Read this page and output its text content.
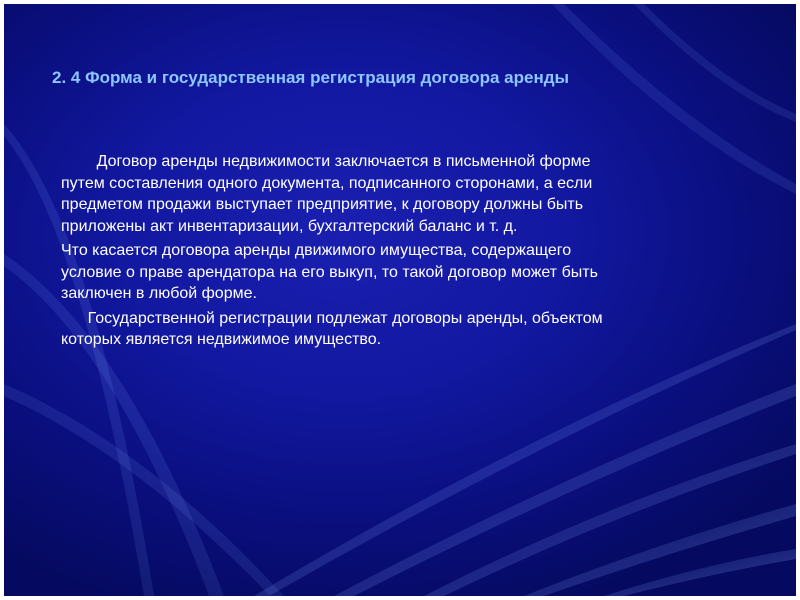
2. 4 Форма и государственная регистрация договора аренды

Договор аренды недвижимости заключается в письменной форме
путем составления одного документа, подписанного сторонами, а если
предметом продажи выступает предприятие, к договору должны быть
приложены акт инвентаризации, бухгалтерский баланс и т. д.

Что касается договора аренды движимого имущества, содержащего
условие о праве арендатора на его выкуп, то такой договор может быть
заключен в любой форме.

Государственной регистрации подлежат договоры аренды, объектом
которых является недвижимое имущество.
